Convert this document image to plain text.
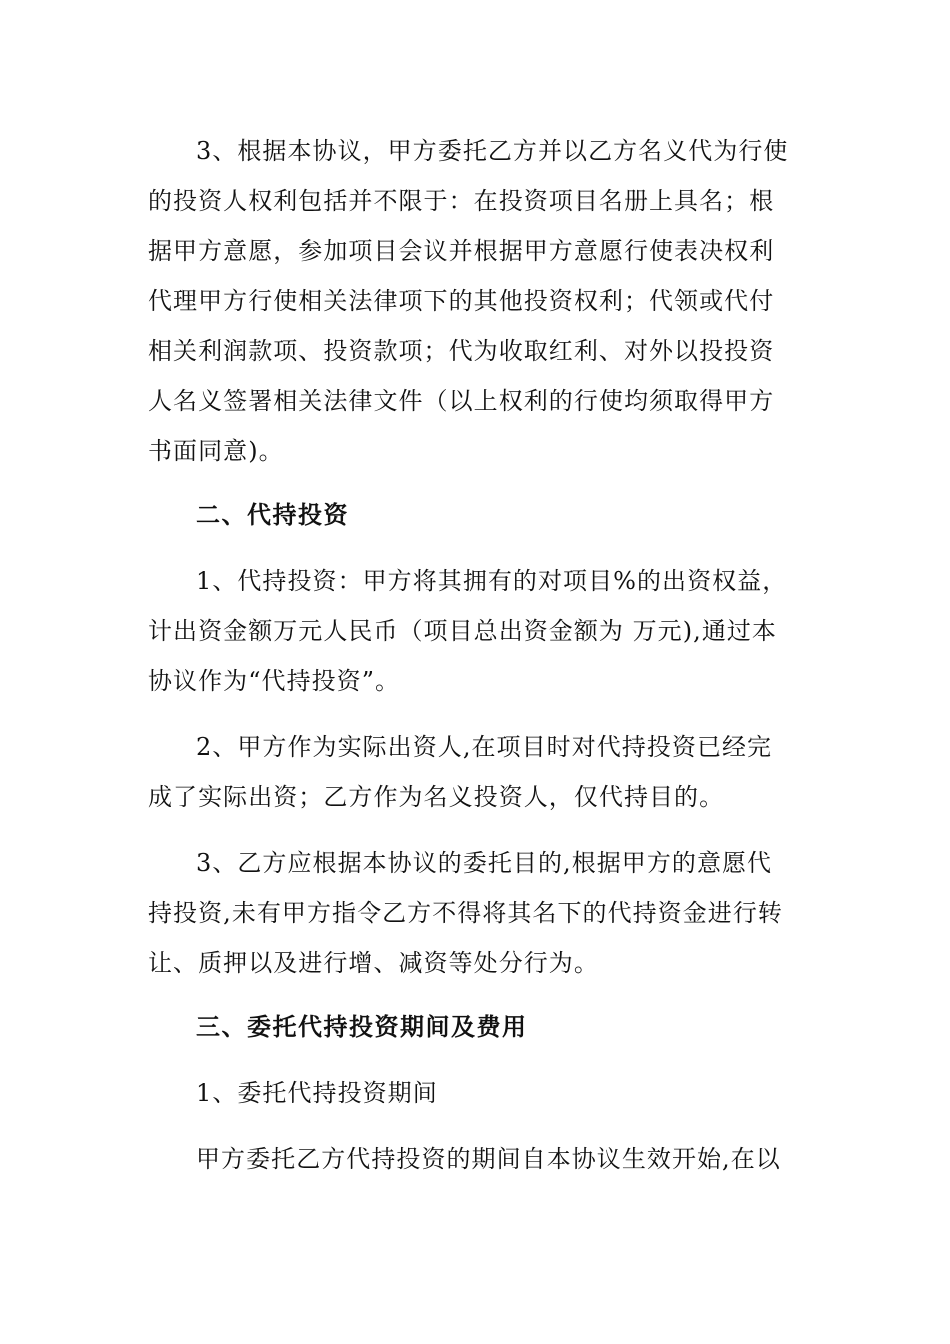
3、根据本协议，甲方委托乙方并以乙方名义代为行使
的投资人权利包括并不限于：在投资项目名册上具名；根
据甲方意愿，参加项目会议并根据甲方意愿行使表决权利
代理甲方行使相关法律项下的其他投资权利；代领或代付
相关利润款项、投资款项；代为收取红利、对外以投投资
人名义签署相关法律文件（以上权利的行使均须取得甲方
书面同意)。
二、代持投资
1、代持投资：甲方将其拥有的对项目%的出资权益，
计出资金额万元人民币（项目总出资金额为 万元),通过本
协议作为“代持投资”。
2、甲方作为实际出资人,在项目时对代持投资已经完
成了实际出资；乙方作为名义投资人，仅代持目的。
3、乙方应根据本协议的委托目的,根据甲方的意愿代
持投资,未有甲方指令乙方不得将其名下的代持资金进行转
让、质押以及进行增、减资等处分行为。
三、委托代持投资期间及费用
1、委托代持投资期间
甲方委托乙方代持投资的期间自本协议生效开始,在以
